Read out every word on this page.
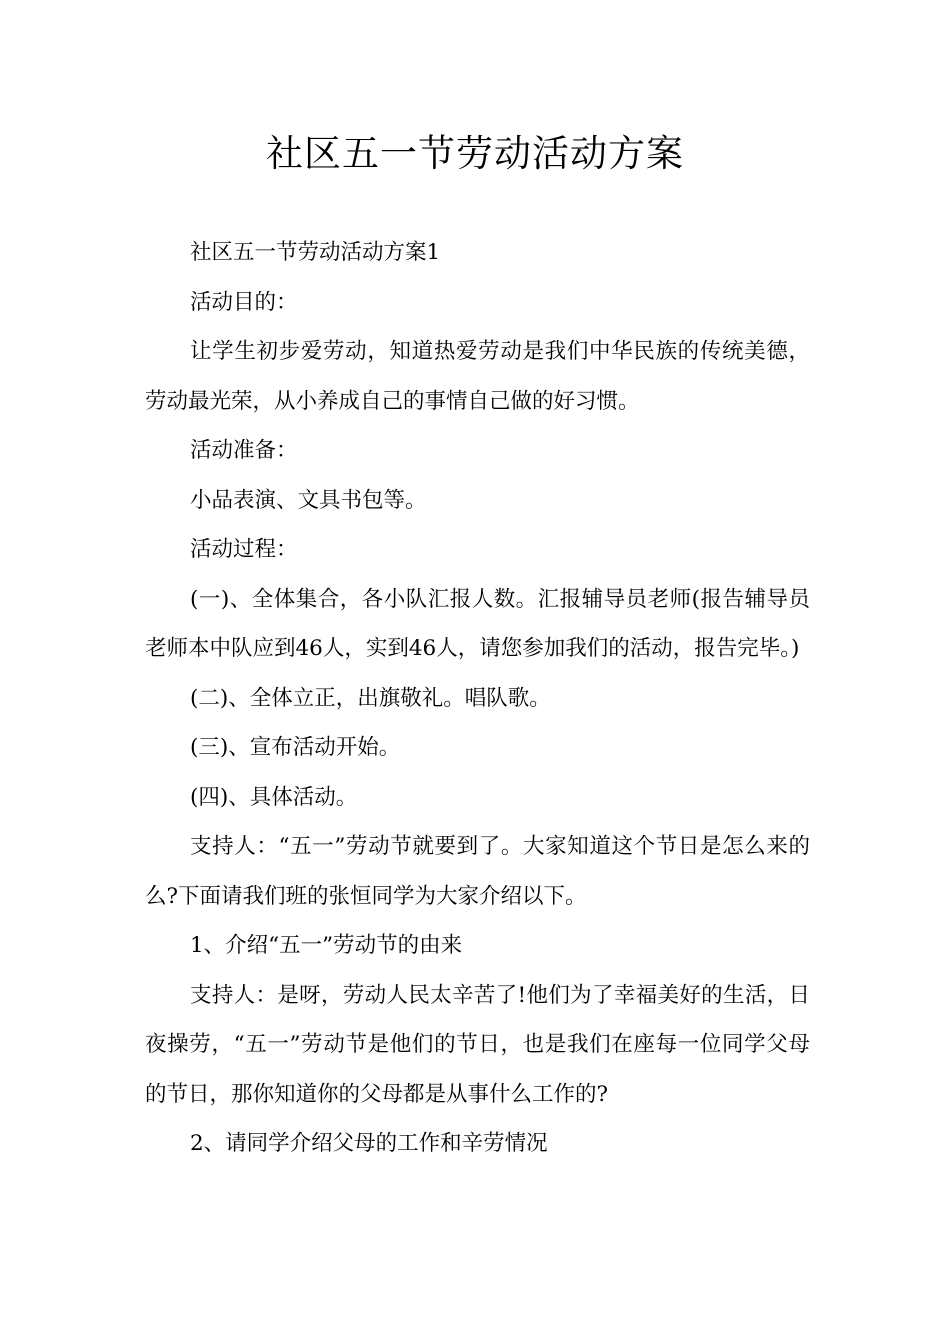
社区五一节劳动活动方案

社区五一节劳动活动方案1

活动目的：

让学生初步爱劳动，知道热爱劳动是我们中华民族的传统美德，劳动最光荣，从小养成自己的事情自己做的好习惯。

活动准备：

小品表演、文具书包等。

活动过程：

(一)、全体集合，各小队汇报人数。汇报辅导员老师(报告辅导员老师本中队应到46人，实到46人，请您参加我们的活动，报告完毕。)

(二)、全体立正，出旗敬礼。唱队歌。

(三)、宣布活动开始。

(四)、具体活动。

支持人：“五一”劳动节就要到了。大家知道这个节日是怎么来的么?下面请我们班的张恒同学为大家介绍以下。

1、介绍“五一”劳动节的由来

支持人：是呀，劳动人民太辛苦了!他们为了幸福美好的生活，日夜操劳，“五一”劳动节是他们的节日，也是我们在座每一位同学父母的节日，那你知道你的父母都是从事什么工作的?

2、请同学介绍父母的工作和辛劳情况
